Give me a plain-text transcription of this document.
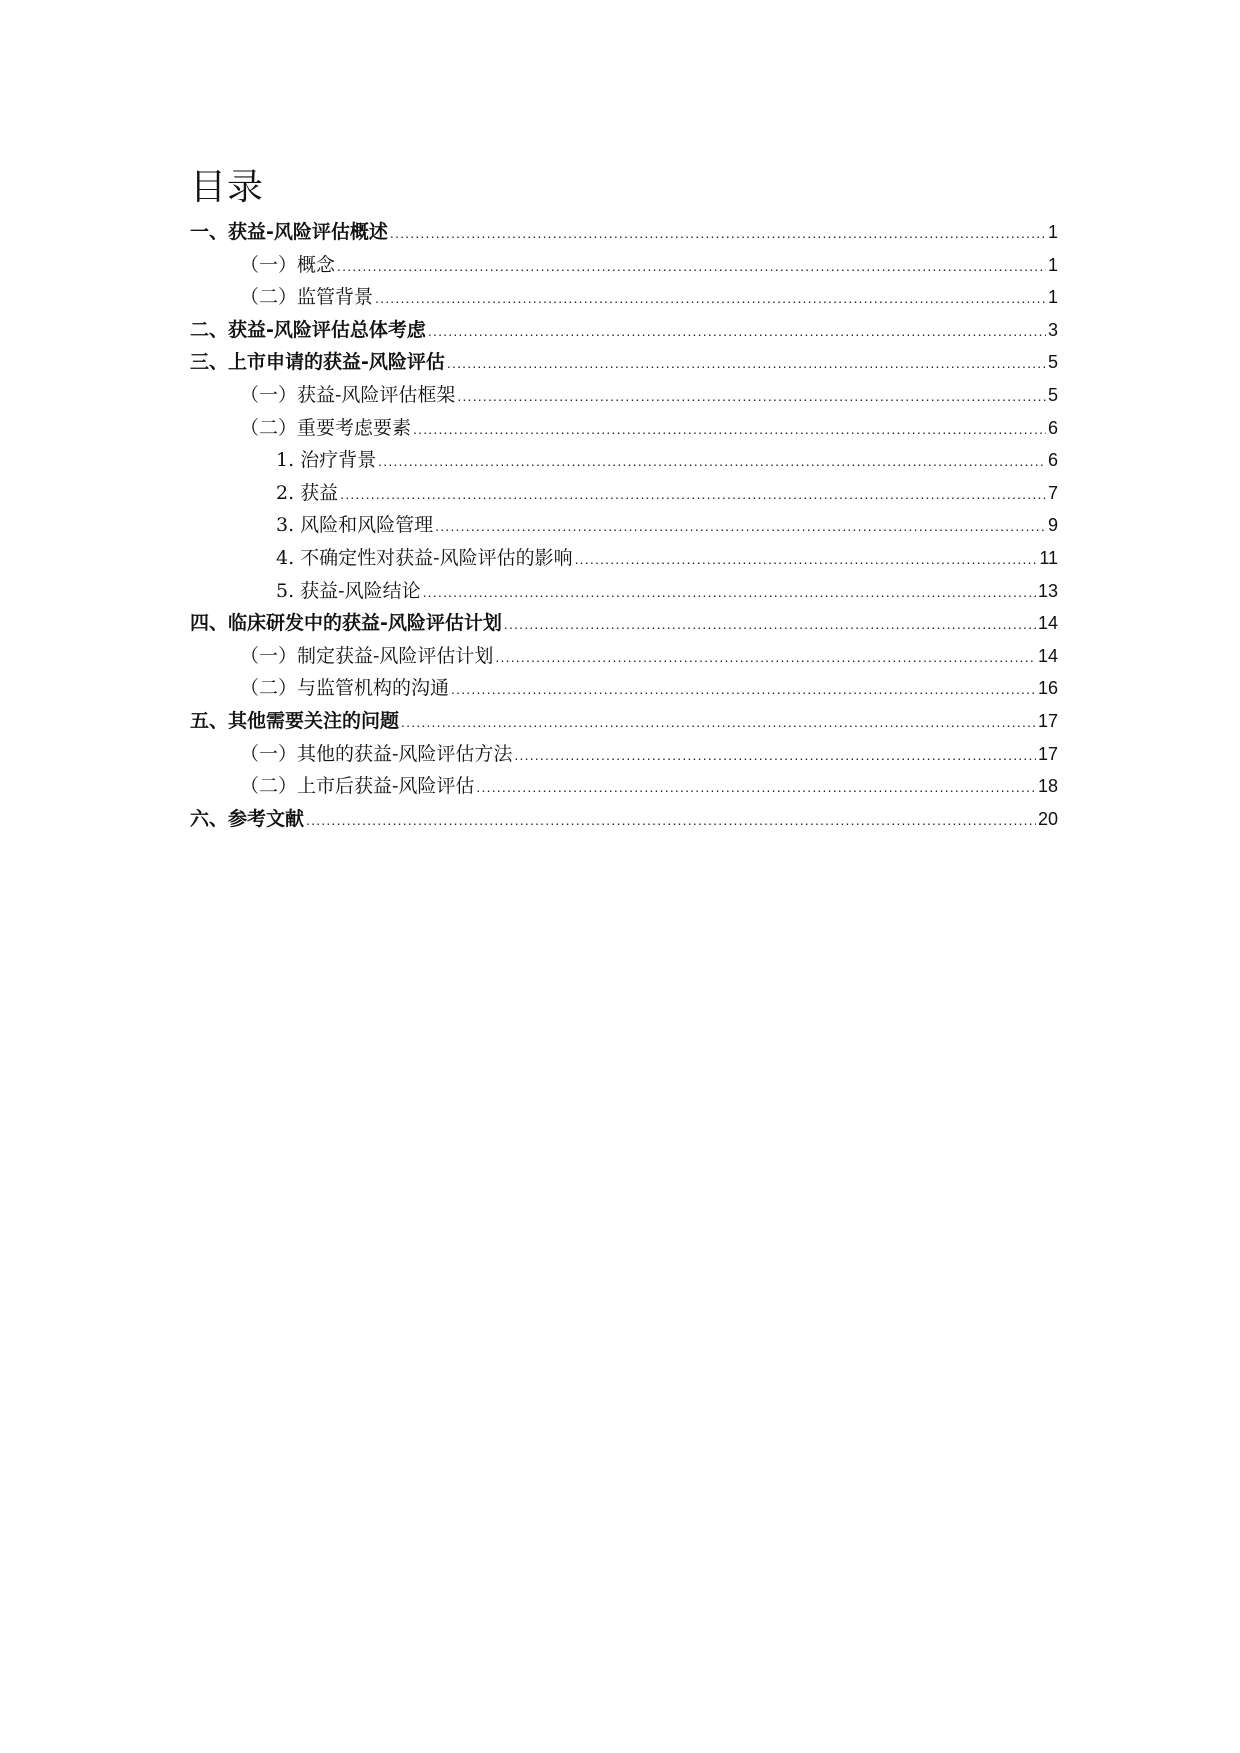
目录
一、获益-风险评估概述 .....	1
（一）概念 .....	1
（二）监管背景 .....	1
二、获益-风险评估总体考虑 .....	3
三、上市申请的获益-风险评估 .....	5
（一）获益-风险评估框架 .....	5
（二）重要考虑要素 .....	6
1. 治疗背景 .....	6
2. 获益 .....	7
3. 风险和风险管理 .....	9
4. 不确定性对获益-风险评估的影响 .....	11
5. 获益-风险结论 .....	13
四、临床研发中的获益-风险评估计划 .....	14
（一）制定获益-风险评估计划 .....	14
（二）与监管机构的沟通 .....	16
五、其他需要关注的问题 .....	17
（一）其他的获益-风险评估方法 .....	17
（二）上市后获益-风险评估 .....	18
六、参考文献 .....	20
